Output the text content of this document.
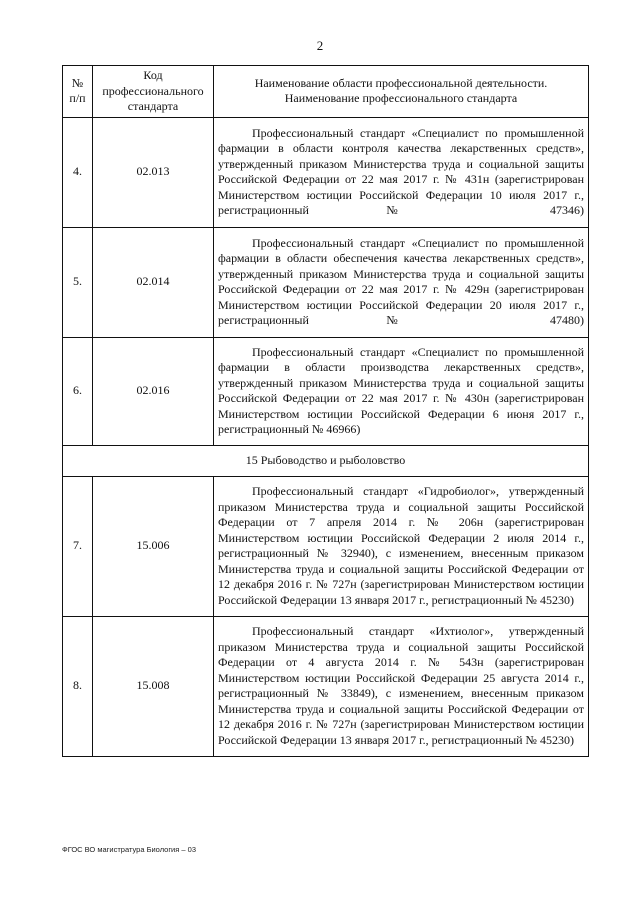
2
№ п/п	Код профессионального стандарта	Наименование области профессиональной деятельности. Наименование профессионального стандарта
4.	02.013	Профессиональный стандарт «Специалист по промышленной фармации в области контроля качества лекарственных средств», утвержденный приказом Министерства труда и социальной защиты Российской Федерации от 22 мая 2017 г. № 431н (зарегистрирован Министерством юстиции Российской Федерации 10 июля 2017 г., регистрационный № 47346)
5.	02.014	Профессиональный стандарт «Специалист по промышленной фармации в области обеспечения качества лекарственных средств», утвержденный приказом Министерства труда и социальной защиты Российской Федерации от 22 мая 2017 г. № 429н (зарегистрирован Министерством юстиции Российской Федерации 20 июля 2017 г., регистрационный № 47480)
6.	02.016	Профессиональный стандарт «Специалист по промышленной фармации в области производства лекарственных средств», утвержденный приказом Министерства труда и социальной защиты Российской Федерации от 22 мая 2017 г. № 430н (зарегистрирован Министерством юстиции Российской Федерации 6 июня 2017 г., регистрационный № 46966)
15 Рыбоводство и рыболовство		
7.	15.006	Профессиональный стандарт «Гидробиолог», утвержденный приказом Министерства труда и социальной защиты Российской Федерации от 7 апреля 2014 г. № 206н (зарегистрирован Министерством юстиции Российской Федерации 2 июля 2014 г., регистрационный № 32940), с изменением, внесенным приказом Министерства труда и социальной защиты Российской Федерации от 12 декабря 2016 г. № 727н (зарегистрирован Министерством юстиции Российской Федерации 13 января 2017 г., регистрационный № 45230)
8.	15.008	Профессиональный стандарт «Ихтиолог», утвержденный приказом Министерства труда и социальной защиты Российской Федерации от 4 августа 2014 г. № 543н (зарегистрирован Министерством юстиции Российской Федерации 25 августа 2014 г., регистрационный № 33849), с изменением, внесенным приказом Министерства труда и социальной защиты Российской Федерации от 12 декабря 2016 г. № 727н (зарегистрирован Министерством юстиции Российской Федерации 13 января 2017 г., регистрационный № 45230)
ФГОС ВО магистратура Биология – 03
